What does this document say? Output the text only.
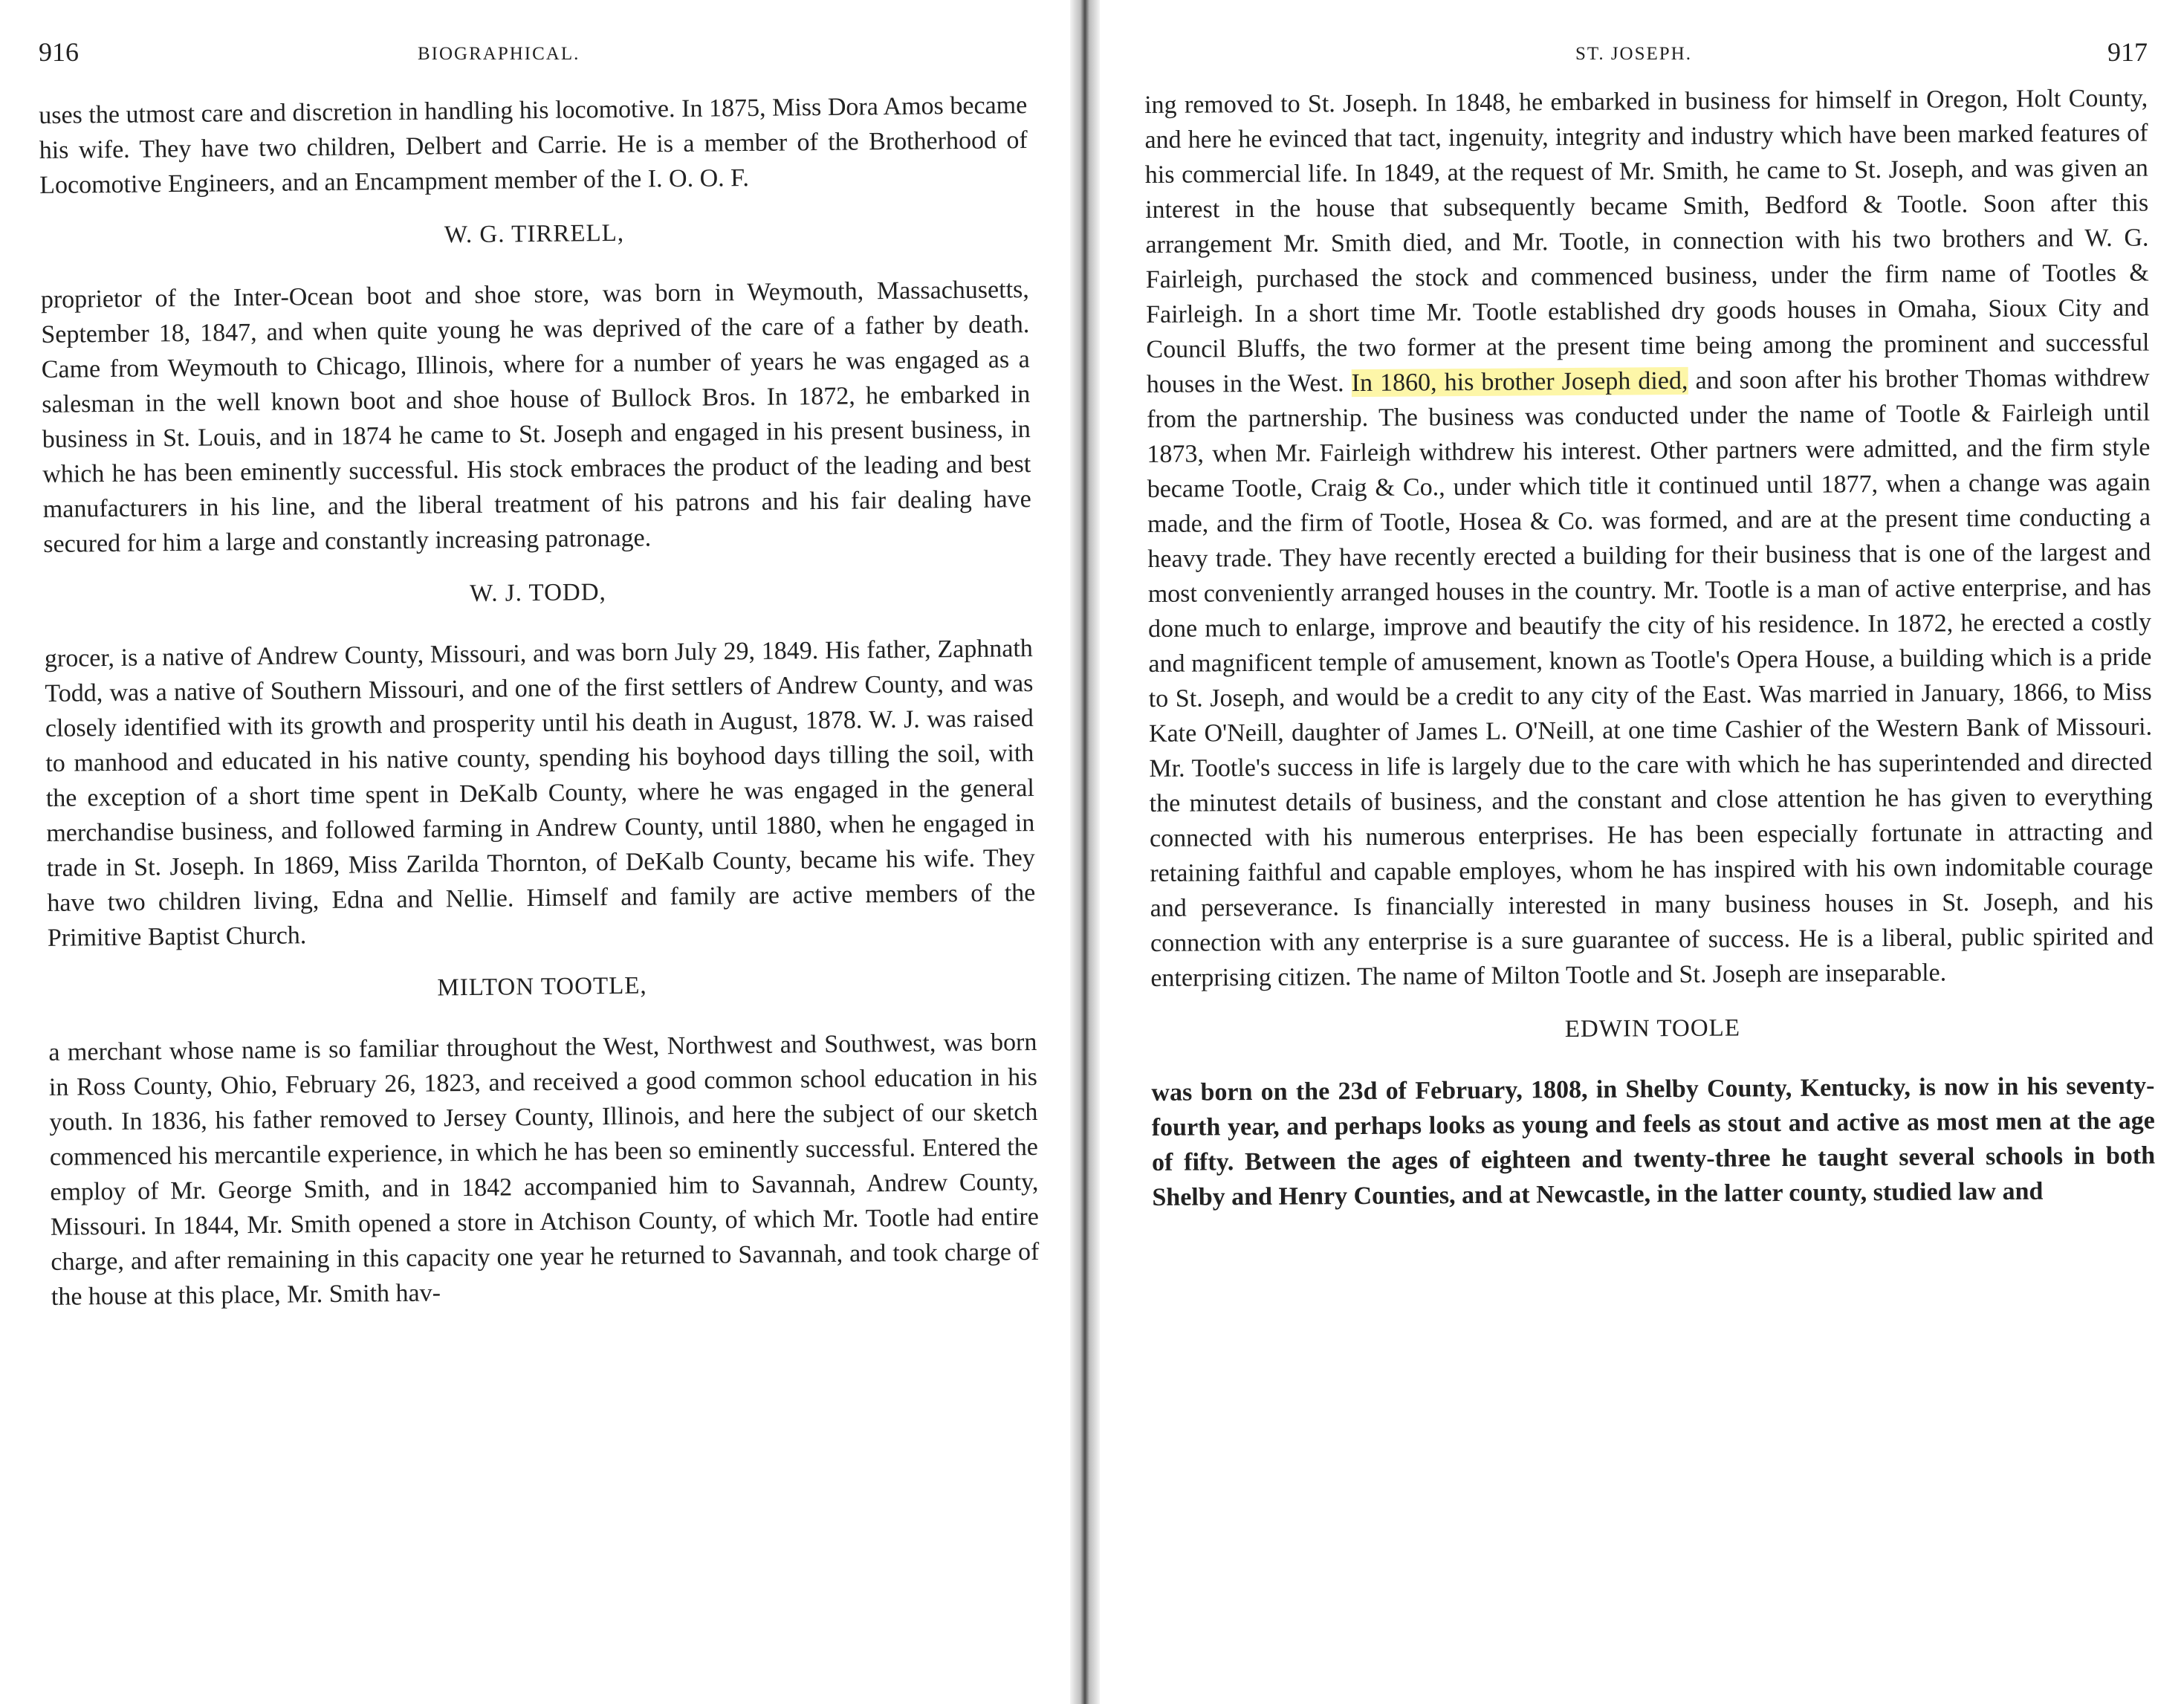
916	BIOGRAPHICAL.

uses the utmost care and discretion in handling his locomotive. In 1875, Miss Dora Amos became his wife. They have two children, Delbert and Carrie. He is a member of the Brotherhood of Locomotive Engineers, and an Encampment member of the I. O. O. F.

W. G. TIRRELL,

proprietor of the Inter-Ocean boot and shoe store, was born in Weymouth, Massachusetts, September 18, 1847, and when quite young he was deprived of the care of a father by death. Came from Weymouth to Chicago, Illinois, where for a number of years he was engaged as a salesman in the well known boot and shoe house of Bullock Bros. In 1872, he embarked in business in St. Louis, and in 1874 he came to St. Joseph and engaged in his present business, in which he has been eminently successful. His stock embraces the product of the leading and best manufacturers in his line, and the liberal treatment of his patrons and his fair dealing have secured for him a large and constantly increasing patronage.

W. J. TODD,

grocer, is a native of Andrew County, Missouri, and was born July 29, 1849. His father, Zaphnath Todd, was a native of Southern Missouri, and one of the first settlers of Andrew County, and was closely identified with its growth and prosperity until his death in August, 1878. W. J. was raised to manhood and educated in his native county, spending his boyhood days tilling the soil, with the exception of a short time spent in DeKalb County, where he was engaged in the general merchandise business, and followed farming in Andrew County, until 1880, when he engaged in trade in St. Joseph. In 1869, Miss Zarilda Thornton, of DeKalb County, became his wife. They have two children living, Edna and Nellie. Himself and family are active members of the Primitive Baptist Church.

MILTON TOOTLE,

a merchant whose name is so familiar throughout the West, Northwest and Southwest, was born in Ross County, Ohio, February 26, 1823, and received a good common school education in his youth. In 1836, his father removed to Jersey County, Illinois, and here the subject of our sketch commenced his mercantile experience, in which he has been so eminently successful. Entered the employ of Mr. George Smith, and in 1842 accompanied him to Savannah, Andrew County, Missouri. In 1844, Mr. Smith opened a store in Atchison County, of which Mr. Tootle had entire charge, and after remaining in this capacity one year he returned to Savannah, and took charge of the house at this place, Mr. Smith hav-

ST. JOSEPH.	917

ing removed to St. Joseph. In 1848, he embarked in business for himself in Oregon, Holt County, and here he evinced that tact, ingenuity, integrity and industry which have been marked features of his commercial life. In 1849, at the request of Mr. Smith, he came to St. Joseph, and was given an interest in the house that subsequently became Smith, Bedford & Tootle. Soon after this arrangement Mr. Smith died, and Mr. Tootle, in connection with his two brothers and W. G. Fairleigh, purchased the stock and commenced business, under the firm name of Tootles & Fairleigh. In a short time Mr. Tootle established dry goods houses in Omaha, Sioux City and Council Bluffs, the two former at the present time being among the prominent and successful houses in the West. In 1860, his brother Joseph died, and soon after his brother Thomas withdrew from the partnership. The business was conducted under the name of Tootle & Fairleigh until 1873, when Mr. Fairleigh withdrew his interest. Other partners were admitted, and the firm style became Tootle, Craig & Co., under which title it continued until 1877, when a change was again made, and the firm of Tootle, Hosea & Co. was formed, and are at the present time conducting a heavy trade. They have recently erected a building for their business that is one of the largest and most conveniently arranged houses in the country. Mr. Tootle is a man of active enterprise, and has done much to enlarge, improve and beautify the city of his residence. In 1872, he erected a costly and magnificent temple of amusement, known as Tootle's Opera House, a building which is a pride to St. Joseph, and would be a credit to any city of the East. Was married in January, 1866, to Miss Kate O'Neill, daughter of James L. O'Neill, at one time Cashier of the Western Bank of Missouri. Mr. Tootle's success in life is largely due to the care with which he has superintended and directed the minutest details of business, and the constant and close attention he has given to everything connected with his numerous enterprises. He has been especially fortunate in attracting and retaining faithful and capable employes, whom he has inspired with his own indomitable courage and perseverance. Is financially interested in many business houses in St. Joseph, and his connection with any enterprise is a sure guarantee of success. He is a liberal, public spirited and enterprising citizen. The name of Milton Tootle and St. Joseph are inseparable.

EDWIN TOOLE

was born on the 23d of February, 1808, in Shelby County, Kentucky, is now in his seventy-fourth year, and perhaps looks as young and feels as stout and active as most men at the age of fifty. Between the ages of eighteen and twenty-three he taught several schools in both Shelby and Henry Counties, and at Newcastle, in the latter county, studied law and
